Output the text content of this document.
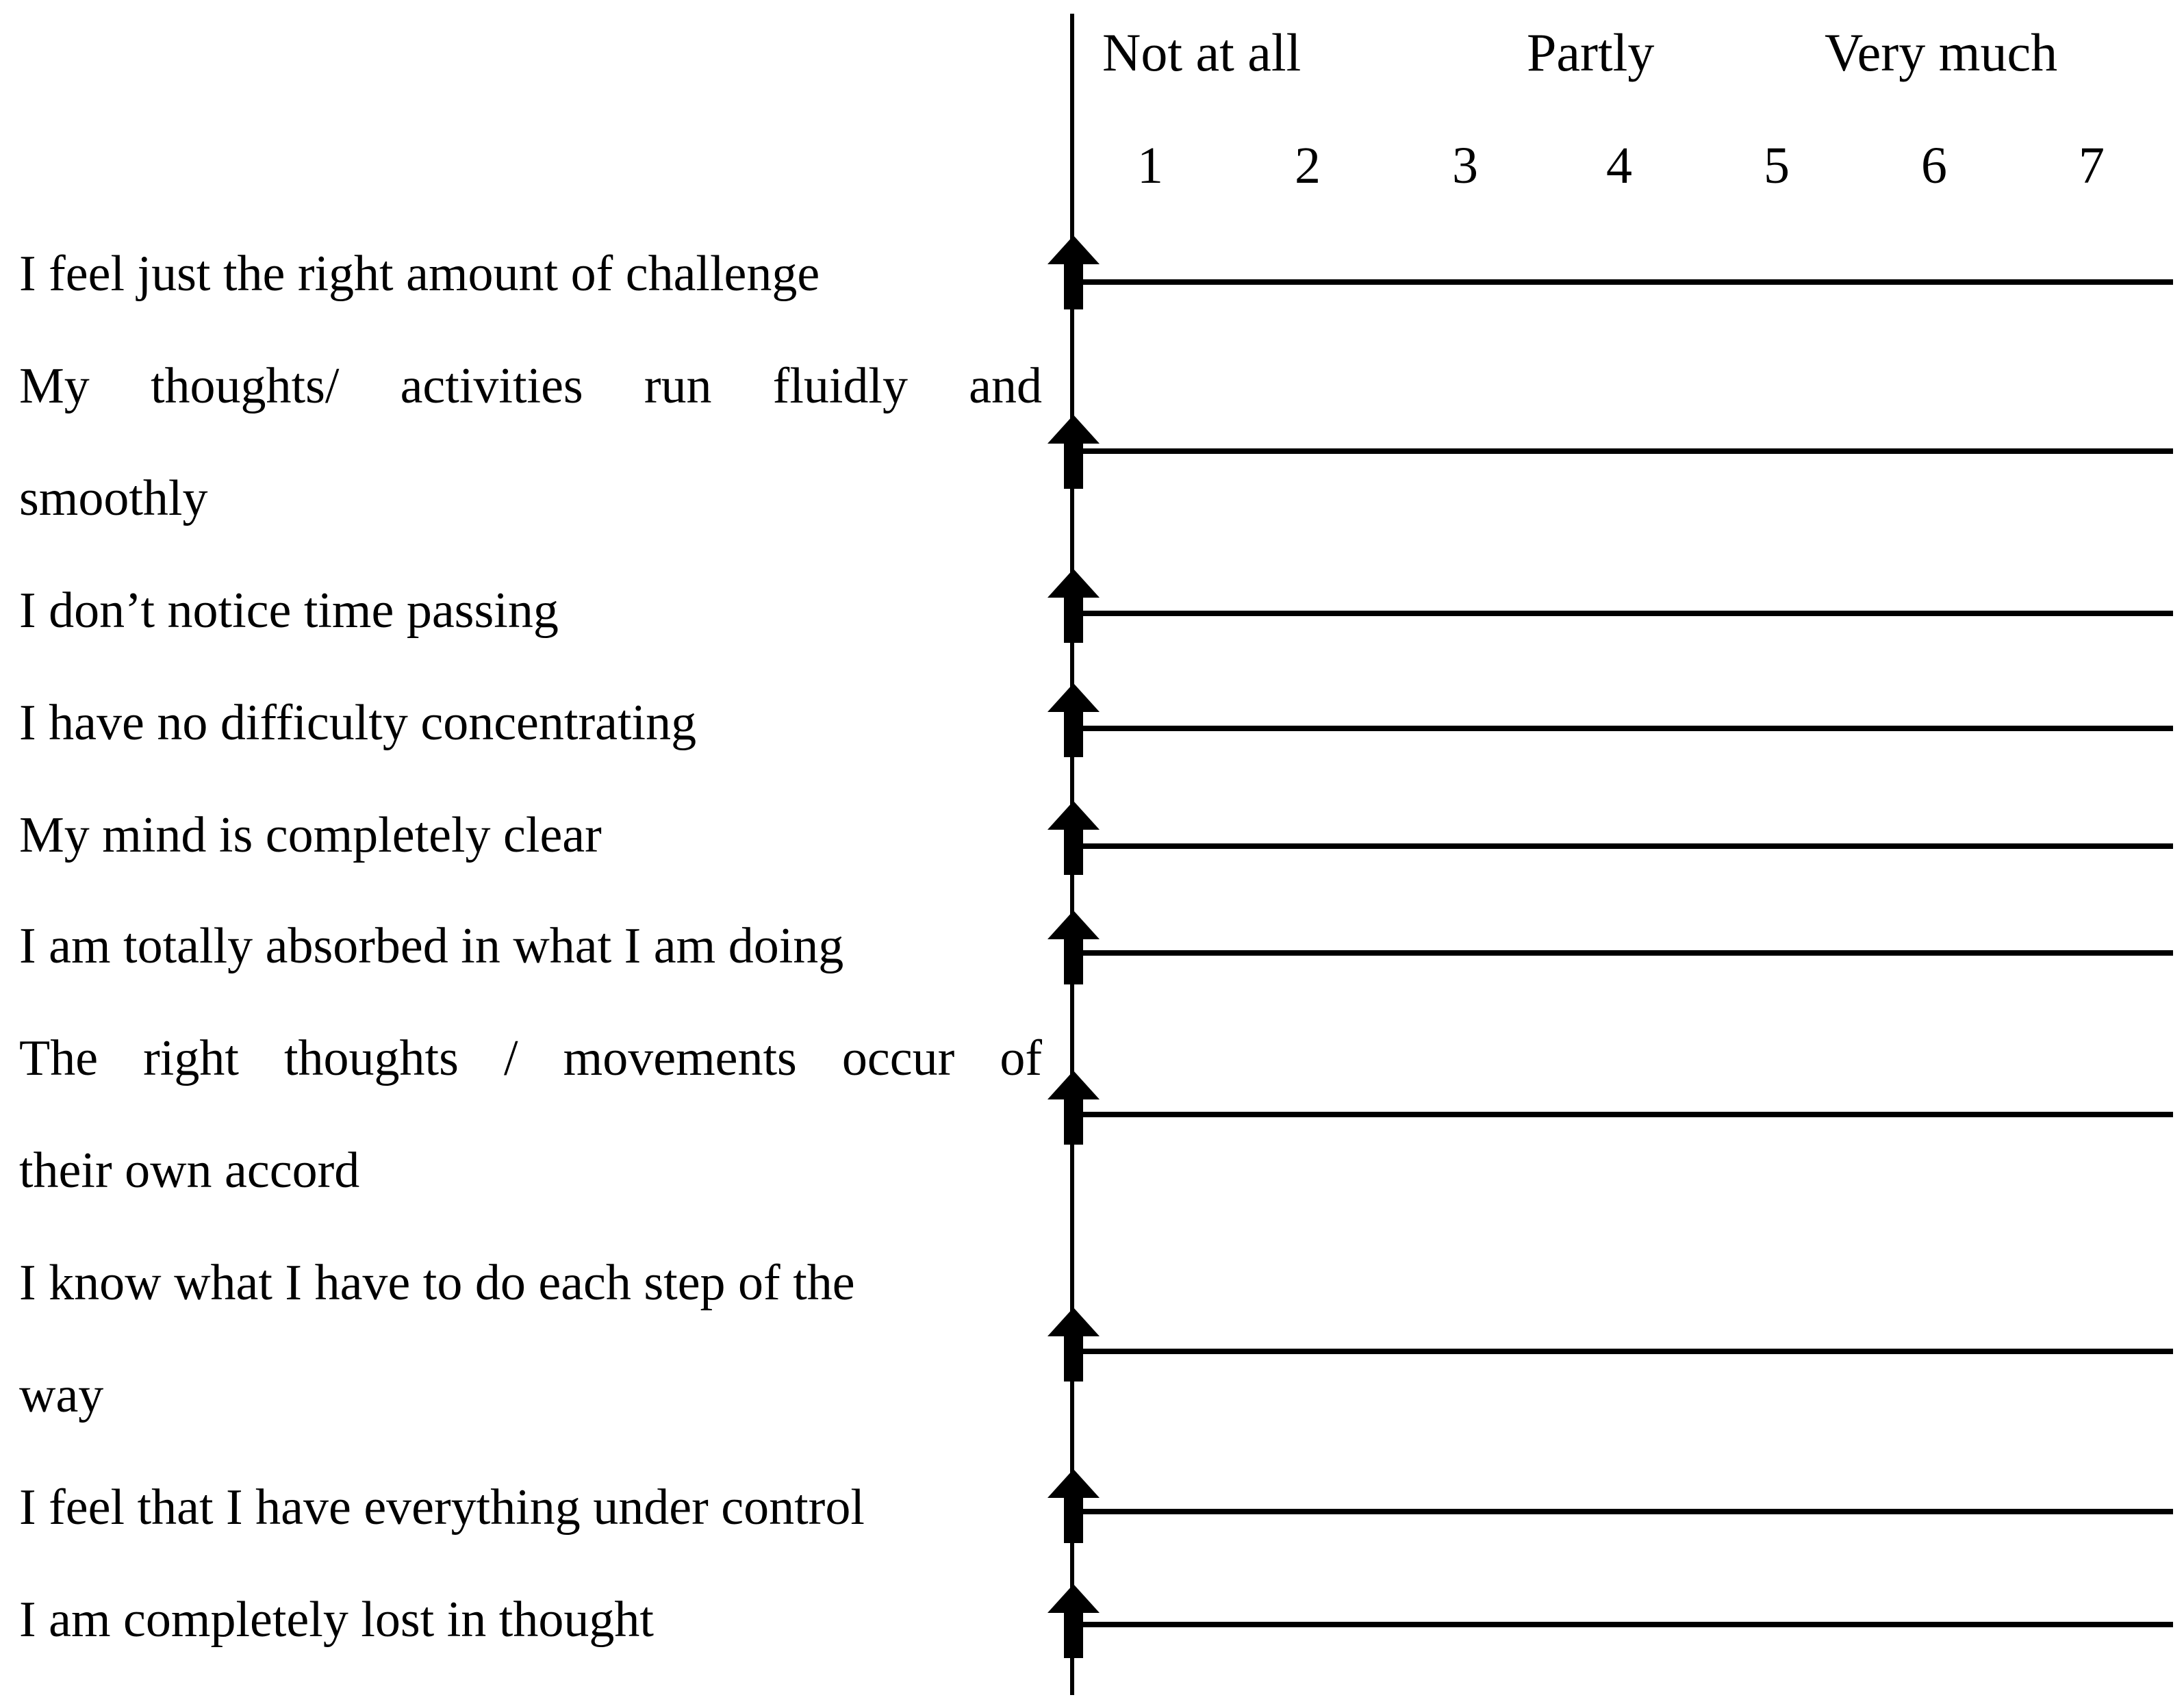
Not at all	Partly	Very much
1	2	3 4	5	6	7
I feel just the right amount of challenge
My thoughts/ activities run fluidly and
smoothly
I don’t notice time passing
I have no difficulty concentrating
My mind is completely clear
I am totally absorbed in what I am doing
The right thoughts / movements occur of
their own accord
I know what I have to do each step of the
way
I feel that I have everything under control
I am completely lost in thought
